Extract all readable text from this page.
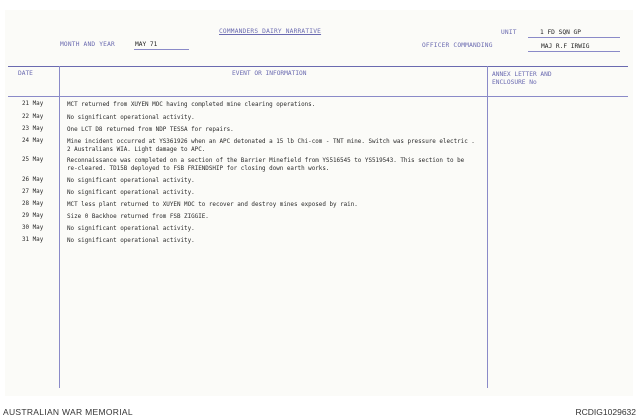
COMMANDERS DAIRY NARRATIVE
MONTH AND YEAR	MAY 71
UNIT	1 FD SQN GP
OFFICER COMMANDING	MAJ R.F IRWIG
DATE	EVENT OR INFORMATION	ANNEX LETTER AND
ENCLOSURE No
21 May	MCT returned from XUYEN MOC having completed mine clearing operations.
22 May	No significant operational activity.
23 May	One LCT D8 returned from NDP TESSA for repairs.
24 May	Mine incident occurred at YS361926 when an APC detonated a 15 lb Chi-com - TNT mine. Switch was pressure electric . 2 Australians WIA. Light damage to APC.
25 May	Reconnaissance was completed on a section of the Barrier Minefield from YS516545 to YS519543. This section to be re-cleared. TD15B deployed to FSB FRIENDSHIP for closing down earth works.
26 May	No significant operational activity.
27 May	No significant operational activity.
28 May	MCT less plant returned to XUYEN MOC to recover and destroy mines exposed by rain.
29 May	Size 0 Backhoe returned from FSB ZIGGIE.
30 May	No significant operational activity.
31 May	No significant operational activity.
AUSTRALIAN WAR MEMORIAL	RCDIG1029632
